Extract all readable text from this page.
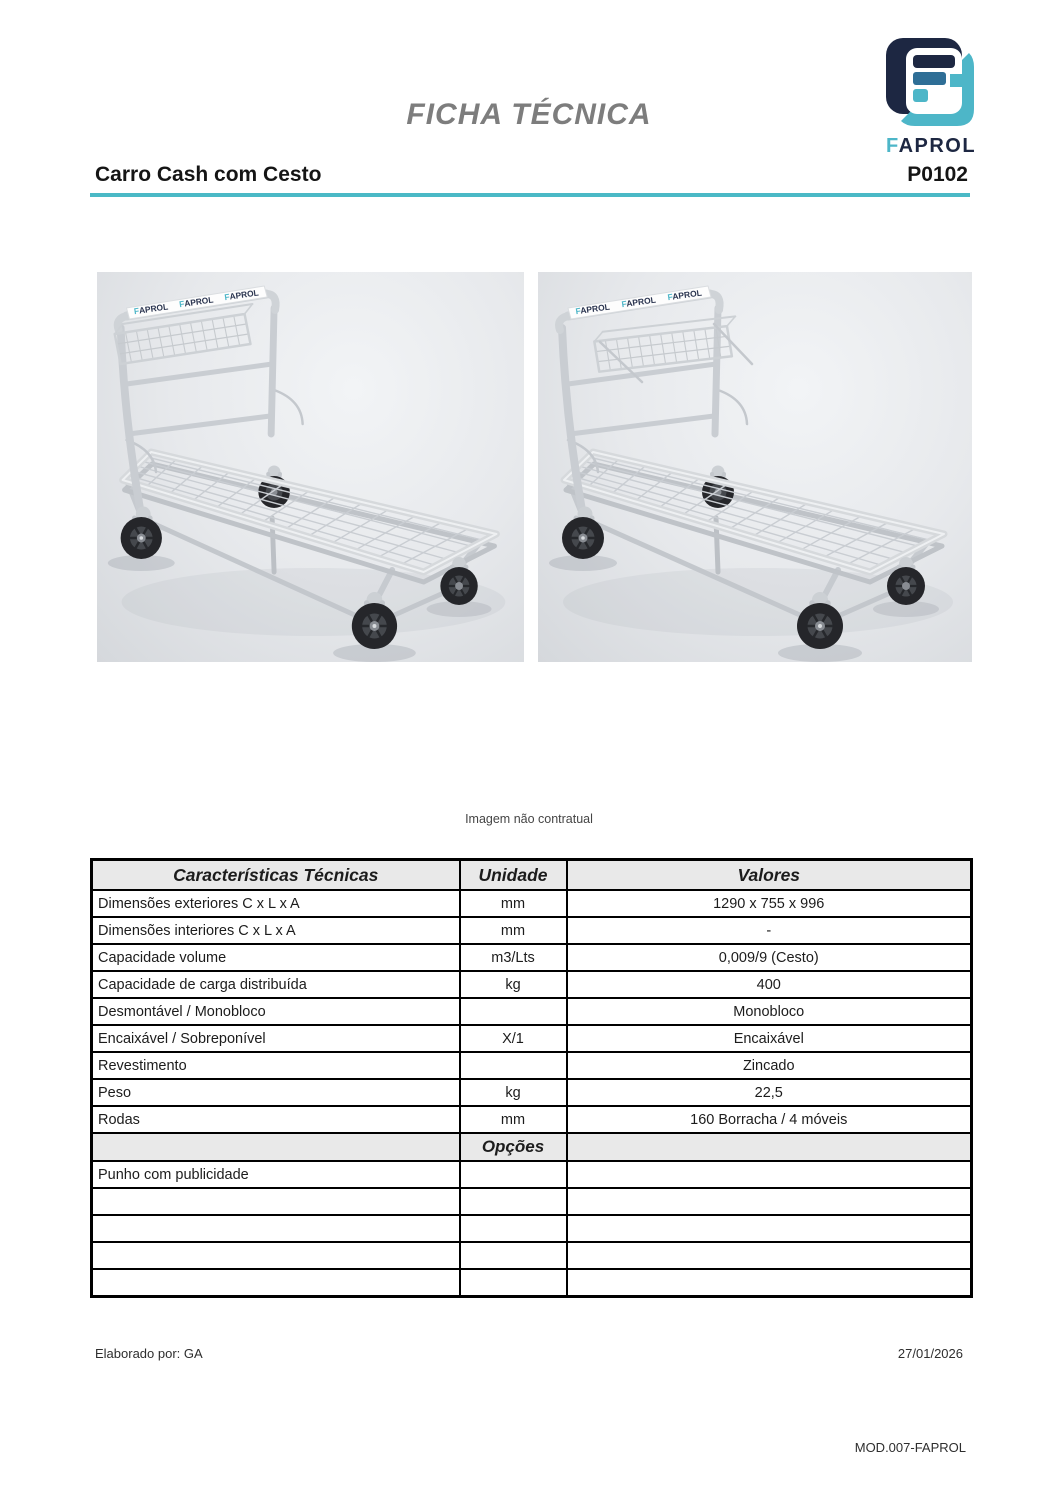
FAPROL
FICHA TÉCNICA
Carro Cash com Cesto	P0102
Imagem não contratual
Características Técnicas	Unidade	Valores
Dimensões exteriores C x L x A	mm	1290 x 755 x 996
Dimensões interiores C x L x A	mm	-
Capacidade volume	m3/Lts	0,009/9 (Cesto)
Capacidade de carga distribuída	kg	400
Desmontável / Monobloco		Monobloco
Encaixável / Sobreponível	X/1	Encaixável
Revestimento		Zincado
Peso	kg	22,5
Rodas	mm	160 Borracha / 4 móveis
	Opções	
Punho com publicidade		

Elaborado por: GA	27/01/2026
MOD.007-FAPROL
